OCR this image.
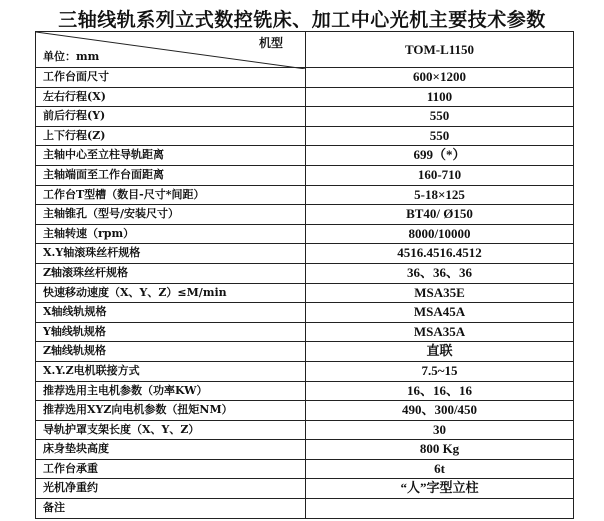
三轴线轨系列立式数控铣床、加工中心光机主要技术参数
机型
单位：mm	TOM-L1150
工作台面尺寸	600×1200
左右行程(X)	1100
前后行程(Y)	550
上下行程(Z)	550
主轴中心至立柱导轨距离	699（*）
主轴端面至工作台面距离	160-710
工作台T型槽（数目-尺寸*间距）	5-18×125
主轴锥孔（型号/安装尺寸）	BT40/ Ø150
主轴转速（rpm）	8000/10000
X.Y轴滚珠丝杆规格	4516.4516.4512
Z轴滚珠丝杆规格	36、36、36
快速移动速度（X、Y、Z）≤M/min	MSA35E
X轴线轨规格	MSA45A
Y轴线轨规格	MSA35A
Z轴线轨规格	直联
X.Y.Z电机联接方式	7.5~15
推荐选用主电机参数（功率KW）	16、16、16
推荐选用XYZ向电机参数（扭矩NM）	490、300/450
导轨护罩支架长度（X、Y、Z）	30
床身垫块高度	800 Kg
工作台承重	6t
光机净重约	“人”字型立柱
备注
